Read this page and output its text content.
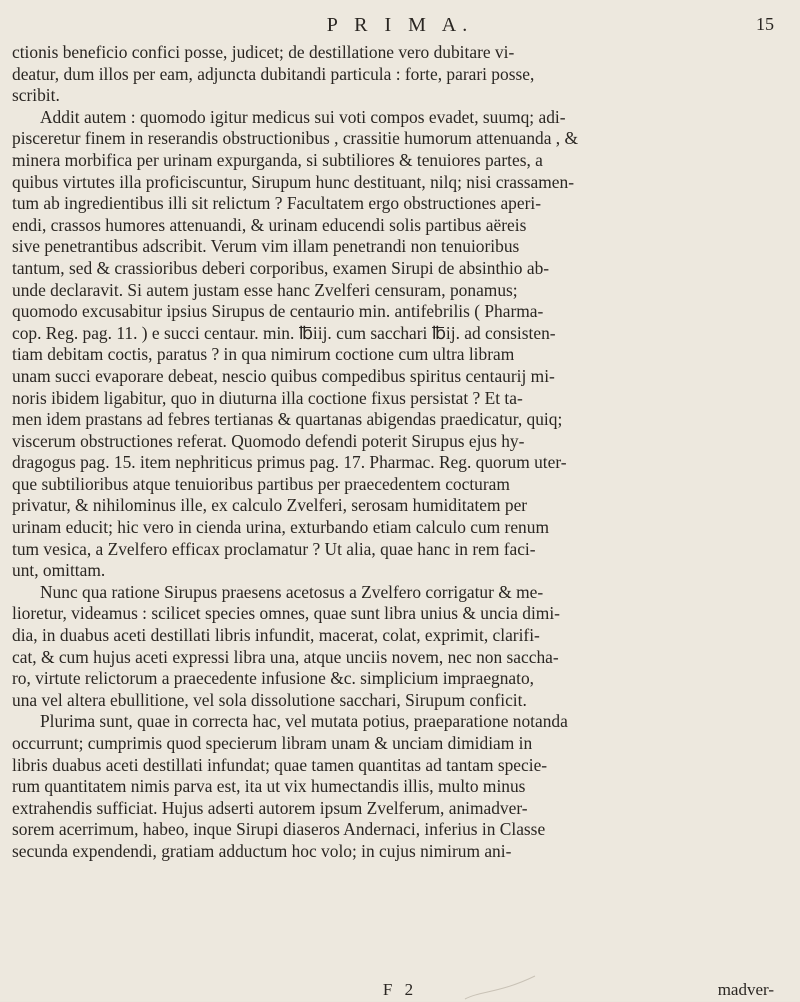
P R I M A.	15
ctionis beneficio confici posse, judicet; de destillatione vero dubitare vi-
deatur, dum illos per eam, adjuncta dubitandi particula : forte, parari posse,
scribit.
Addit autem : quomodo igitur medicus sui voti compos evadet, suumq; adi-
pisceretur finem in reserandis obstructionibus , crassitie humorum attenuanda , &
minera morbifica per urinam expurganda, si subtiliores & tenuiores partes, a
quibus virtutes illa proficiscuntur, Sirupum hunc destituant, nilq; nisi crassamen-
tum ab ingredientibus illi sit relictum ? Facultatem ergo obstructiones aperi-
endi, crassos humores attenuandi, & urinam educendi solis partibus aëreis
sive penetrantibus adscribit. Verum vim illam penetrandi non tenuioribus
tantum, sed & crassioribus deberi corporibus, examen Sirupi de absinthio ab-
unde declaravit. Si autem justam esse hanc Zvelferi censuram, ponamus;
quomodo excusabitur ipsius Sirupus de centaurio min. antifebrilis ( Pharma-
cop. Reg. pag. 11. ) e succi centaur. min. ℔iij. cum sacchari ℔ij. ad consisten-
tiam debitam coctis, paratus ? in qua nimirum coctione cum ultra libram
unam succi evaporare debeat, nescio quibus compedibus spiritus centaurij mi-
noris ibidem ligabitur, quo in diuturna illa coctione fixus persistat ? Et ta-
men idem prastans ad febres tertianas & quartanas abigendas praedicatur, quiq;
viscerum obstructiones referat. Quomodo defendi poterit Sirupus ejus hy-
dragogus pag. 15. item nephriticus primus pag. 17. Pharmac. Reg. quorum uter-
que subtilioribus atque tenuioribus partibus per praecedentem cocturam
privatur, & nihilominus ille, ex calculo Zvelferi, serosam humiditatem per
urinam educit; hic vero in cienda urina, exturbando etiam calculo cum renum
tum vesica, a Zvelfero efficax proclamatur ? Ut alia, quae hanc in rem faci-
unt, omittam.
Nunc qua ratione Sirupus praesens acetosus a Zvelfero corrigatur & me-
lioretur, videamus : scilicet species omnes, quae sunt libra unius & uncia dimi-
dia, in duabus aceti destillati libris infundit, macerat, colat, exprimit, clarifi-
cat, & cum hujus aceti expressi libra una, atque unciis novem, nec non saccha-
ro, virtute relictorum a praecedente infusione &c. simplicium impraegnato,
una vel altera ebullitione, vel sola dissolutione sacchari, Sirupum conficit.
Plurima sunt, quae in correcta hac, vel mutata potius, praeparatione notanda
occurrunt; cumprimis quod specierum libram unam & unciam dimidiam in
libris duabus aceti destillati infundat; quae tamen quantitas ad tantam specie-
rum quantitatem nimis parva est, ita ut vix humectandis illis, multo minus
extrahendis sufficiat. Hujus adserti autorem ipsum Zvelferum, animadver-
sorem acerrimum, habeo, inque Sirupi diaseros Andernaci, inferius in Classe
secunda expendendi, gratiam adductum hoc volo; in cujus nimirum ani-
F 2	madver-
